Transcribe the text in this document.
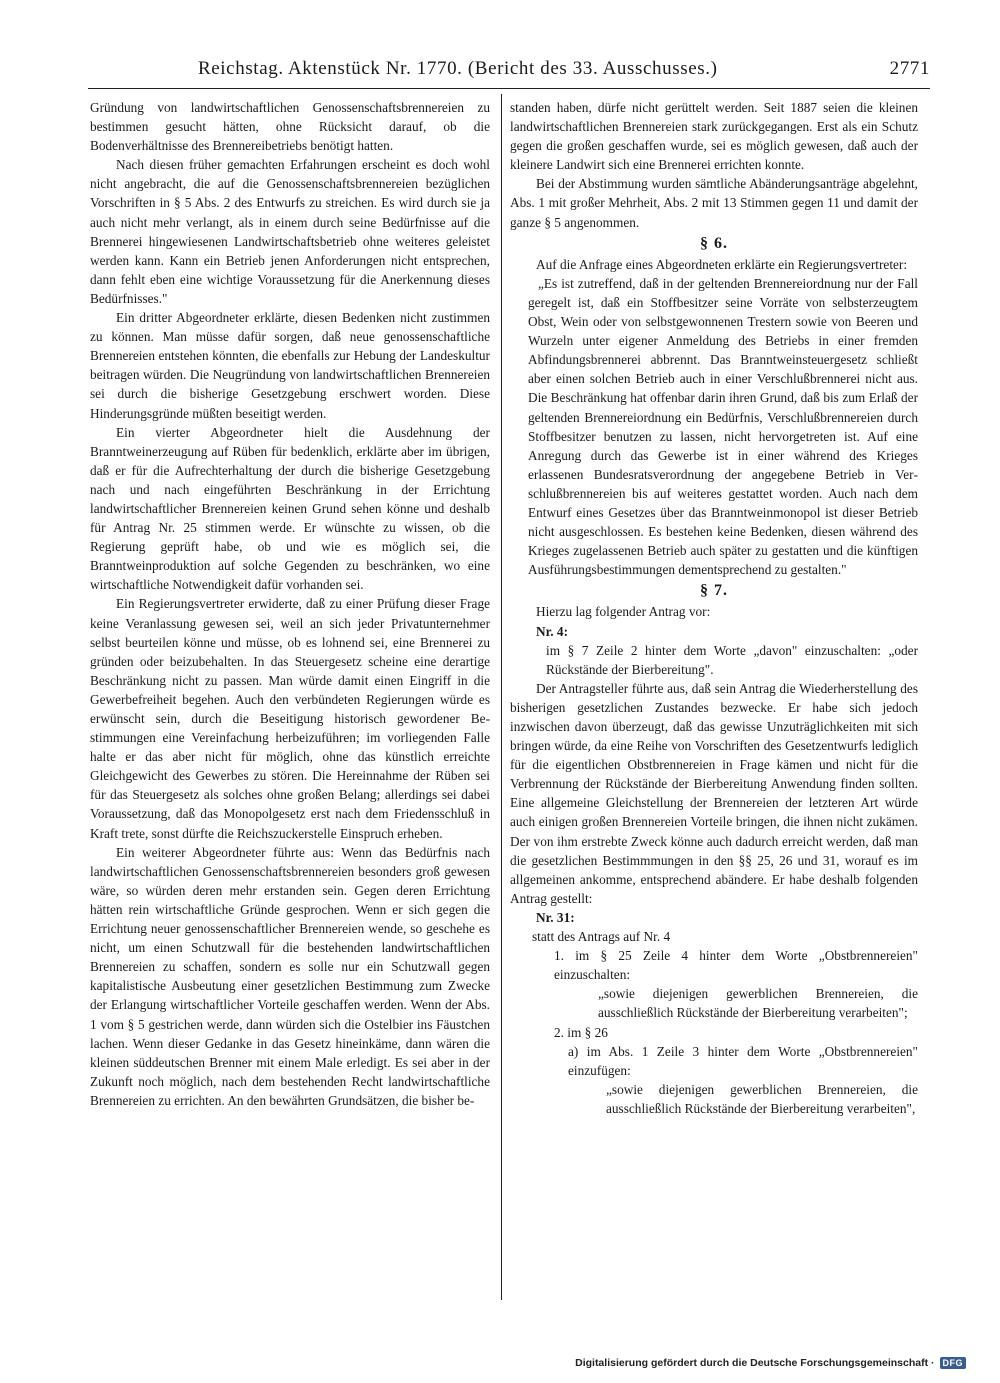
Reichstag. Aktenstück Nr. 1770. (Bericht des 33. Ausschusses.)	2771

Gründung von landwirtschaftlichen Genossenschaftsbrennereien zu bestimmen gesucht hätten, ohne Rücksicht darauf, ob die Bodenverhältnisse des Brennereibetriebs benötigt hatten.

Nach diesen früher gemachten Erfahrungen erscheint es doch wohl nicht angebracht, die auf die Genossenschaftsbrennereien bezüglichen Vorschriften in § 5 Abs. 2 des Entwurfs zu streichen. Es wird durch sie ja auch nicht mehr verlangt, als in einem durch seine Bedürfnisse auf die Brennerei hingewiesenen Landwirtschaftsbetrieb ohne weiteres geleistet werden kann. Kann ein Betrieb jenen Anforderungen nicht entsprechen, dann fehlt eben eine wichtige Voraussetzung für die Anerkennung dieses Bedürfnisses."

Ein dritter Abgeordneter erklärte, diesen Bedenken nicht zustimmen zu können. Man müsse dafür sorgen, daß neue genossenschaftliche Brennereien entstehen könnten, die ebenfalls zur Hebung der Landeskultur beitragen würden. Die Neugründung von landwirtschaftlichen Brennereien sei durch die bisherige Gesetzgebung erschwert worden. Diese Hinderungsgründe müßten beseitigt werden.

Ein vierter Abgeordneter hielt die Ausdehnung der Branntweinerzeugung auf Rüben für bedenklich, erklärte aber im übrigen, daß er für die Aufrechterhaltung der durch die bisherige Gesetzgebung nach und nach eingeführten Beschränkung in der Errichtung landwirtschaftlicher Brennereien keinen Grund sehen könne und deshalb für Antrag Nr. 25 stimmen werde. Er wünschte zu wissen, ob die Regierung geprüft habe, ob und wie es möglich sei, die Branntweinproduktion auf solche Gegenden zu beschränken, wo eine wirtschaftliche Notwendigkeit dafür vorhanden sei.

Ein Regierungsvertreter erwiderte, daß zu einer Prüfung dieser Frage keine Veranlassung gewesen sei, weil an sich jeder Privatunternehmer selbst beurteilen könne und müsse, ob es lohnend sei, eine Brennerei zu gründen oder beizubehalten. In das Steuergesetz scheine eine derartige Beschränkung nicht zu passen. Man würde damit einen Eingriff in die Gewerbefreiheit begehen. Auch den verbündeten Regierungen würde es erwünscht sein, durch die Beseitigung historisch gewordener Bestimmungen eine Vereinfachung herbeizuführen; im vorliegenden Falle halte er das aber nicht für möglich, ohne das künstlich erreichte Gleichgewicht des Gewerbes zu stören. Die Hereinnahme der Rüben sei für das Steuergesetz als solches ohne großen Belang; allerdings sei dabei Voraussetzung, daß das Monopolgesetz erst nach dem Friedensschluß in Kraft trete, sonst dürfte die Reichszuckerstelle Einspruch erheben.

Ein weiterer Abgeordneter führte aus: Wenn das Bedürfnis nach landwirtschaftlichen Genossenschaftsbrennereien besonders groß gewesen wäre, so würden deren mehr erstanden sein. Gegen deren Errichtung hätten rein wirtschaftliche Gründe gesprochen. Wenn er sich gegen die Errichtung neuer genossenschaftlicher Brennereien wende, so geschehe es nicht, um einen Schutzwall für die bestehenden landwirtschaftlichen Brennereien zu schaffen, sondern es solle nur ein Schutzwall gegen kapitalistische Ausbeutung einer gesetzlichen Bestimmung zum Zwecke der Erlangung wirtschaftlicher Vorteile geschaffen werden. Wenn der Abs. 1 vom § 5 gestrichen werde, dann würden sich die Ostelbier ins Fäustchen lachen. Wenn dieser Gedanke in das Gesetz hineinkäme, dann wären die kleinen süddeutschen Brenner mit einem Male erledigt. Es sei aber in der Zukunft noch möglich, nach dem bestehenden Recht landwirtschaftliche Brennereien zu errichten. An den bewährten Grundsätzen, die bisher be-

standen haben, dürfe nicht gerüttelt werden. Seit 1887 seien die kleinen landwirtschaftlichen Brennereien stark zurückgegangen. Erst als ein Schutz gegen die großen geschaffen wurde, sei es möglich gewesen, daß auch der kleinere Landwirt sich eine Brennerei errichten konnte.

Bei der Abstimmung wurden sämtliche Abänderungsanträge abgelehnt, Abs. 1 mit großer Mehrheit, Abs. 2 mit 13 Stimmen gegen 11 und damit der ganze § 5 angenommen.

§ 6.

Auf die Anfrage eines Abgeordneten erklärte ein Regierungsvertreter:

„Es ist zutreffend, daß in der geltenden Brennereiordnung nur der Fall geregelt ist, daß ein Stoffbesitzer seine Vorräte von selbsterzeugtem Obst, Wein oder von selbstgewonnenen Trestern sowie von Beeren und Wurzeln unter eigener Anmeldung des Betriebs in einer fremden Abfindungsbrennerei abbrennt. Das Branntweinsteuergesetz schließt aber einen solchen Betrieb auch in einer Verschlußbrennerei nicht aus. Die Beschränkung hat offenbar darin ihren Grund, daß bis zum Erlaß der geltenden Brennereiordnung ein Bedürfnis, Verschlußbrennereien durch Stoffbesitzer benutzen zu lassen, nicht hervorgetreten ist. Auf eine Anregung durch das Gewerbe ist in einer während des Krieges erlassenen Bundesratsverordnung der angegebene Betrieb in Verschlußbrennereien bis auf weiteres gestattet worden. Auch nach dem Entwurf eines Gesetzes über das Branntweinmonopol ist dieser Betrieb nicht ausgeschlossen. Es bestehen keine Bedenken, diesen während des Krieges zugelassenen Betrieb auch später zu gestatten und die künftigen Ausführungsbestimmungen dementsprechend zu gestalten."

§ 7.

Hierzu lag folgender Antrag vor:

Nr. 4:

im § 7 Zeile 2 hinter dem Worte „davon" einzuschalten: „oder Rückstände der Bierbereitung".

Der Antragsteller führte aus, daß sein Antrag die Wiederherstellung des bisherigen gesetzlichen Zustandes bezwecke. Er habe sich jedoch inzwischen davon überzeugt, daß das gewisse Unzuträglichkeiten mit sich bringen würde, da eine Reihe von Vorschriften des Gesetzentwurfs lediglich für die eigentlichen Obstbrennereien in Frage kämen und nicht für die Verbrennung der Rückstände der Bierbereitung Anwendung finden sollten. Eine allgemeine Gleichstellung der Brennereien der letzteren Art würde auch einigen großen Brennereien Vorteile bringen, die ihnen nicht zukämen. Der von ihm erstrebte Zweck könne auch dadurch erreicht werden, daß man die gesetzlichen Bestimmmungen in den §§ 25, 26 und 31, worauf es im allgemeinen ankomme, entsprechend abändere. Er habe deshalb folgenden Antrag gestellt:

Nr. 31:

statt des Antrags auf Nr. 4

1. im § 25 Zeile 4 hinter dem Worte „Obstbrennereien" einzuschalten:

„sowie diejenigen gewerblichen Brennereien, die ausschließlich Rückstände der Bierbereitung verarbeiten";

2. im § 26

a) im Abs. 1 Zeile 3 hinter dem Worte „Obstbrennereien" einzufügen:

„sowie diejenigen gewerblichen Brennereien, die ausschließlich Rückstände der Bierbereitung verarbeiten",

Digitalisierung gefördert durch die Deutsche Forschungsgemeinschaft · DFG
